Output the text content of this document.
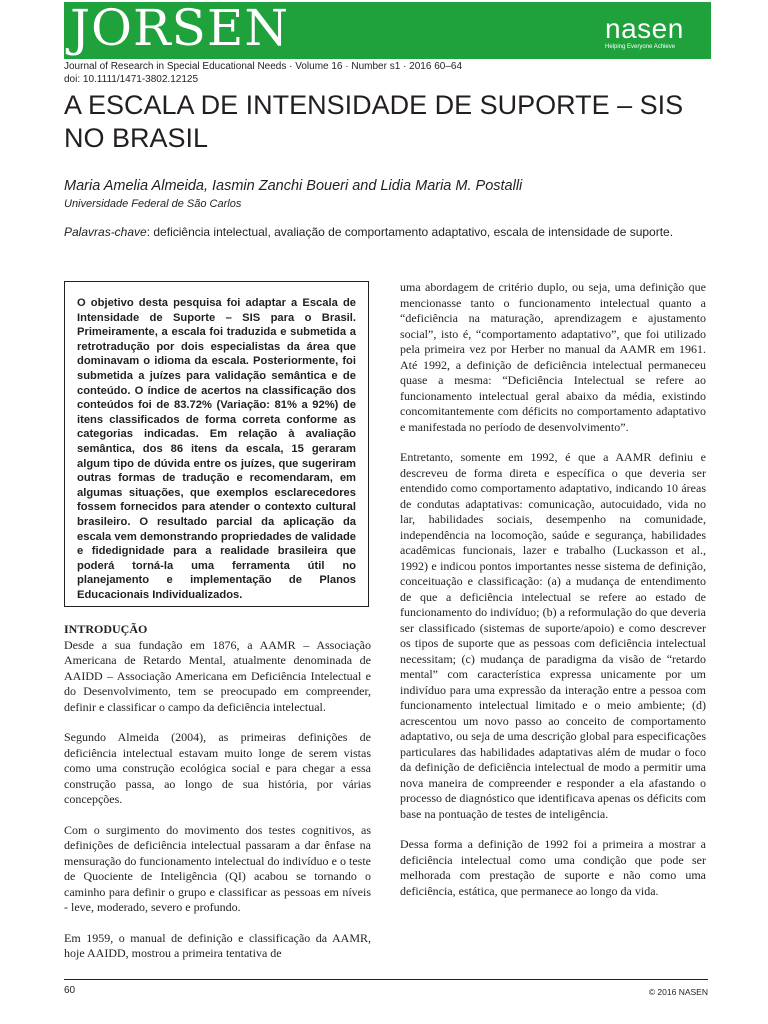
JORSEN	nasen
Helping Everyone Achieve
Journal of Research in Special Educational Needs · Volume 16 · Number s1 · 2016 60–64
doi: 10.1111/1471-3802.12125
A ESCALA DE INTENSIDADE DE SUPORTE – SIS NO BRASIL
Maria Amelia Almeida, Iasmin Zanchi Boueri and Lidia Maria M. Postalli
Universidade Federal de São Carlos
Palavras-chave: deficiência intelectual, avaliação de comportamento adaptativo, escala de intensidade de suporte.
O objetivo desta pesquisa foi adaptar a Escala de Intensidade de Suporte – SIS para o Brasil. Primeiramente, a escala foi traduzida e submetida a retrotradução por dois especialistas da área que dominavam o idioma da escala. Posteriormente, foi submetida a juízes para validação semântica e de conteúdo. O índice de acertos na classificação dos conteúdos foi de 83.72% (Variação: 81% a 92%) de itens classificados de forma correta conforme as categorias indicadas. Em relação à avaliação semântica, dos 86 itens da escala, 15 geraram algum tipo de dúvida entre os juízes, que sugeriram outras formas de tradução e recomendaram, em algumas situações, que exemplos esclarecedores fossem fornecidos para atender o contexto cultural brasileiro. O resultado parcial da aplicação da escala vem demonstrando propriedades de validade e fidedignidade para a realidade brasileira que poderá torná-la uma ferramenta útil no planejamento e implementação de Planos Educacionais Individualizados.
INTRODUÇÃO

Desde a sua fundação em 1876, a AAMR – Associação Americana de Retardo Mental, atualmente denominada de AAIDD – Associação Americana em Deficiência Intelectual e do Desenvolvimento, tem se preocupado em compreender, definir e classificar o campo da deficiência intelectual.

Segundo Almeida (2004), as primeiras definições de deficiência intelectual estavam muito longe de serem vistas como uma construção ecológica social e para chegar a essa construção passa, ao longo de sua história, por várias concepções.

Com o surgimento do movimento dos testes cognitivos, as definições de deficiência intelectual passaram a dar ênfase na mensuração do funcionamento intelectual do indivíduo e o teste de Quociente de Inteligência (QI) acabou se tornando o caminho para definir o grupo e classificar as pessoas em níveis - leve, moderado, severo e profundo.

Em 1959, o manual de definição e classificação da AAMR, hoje AAIDD, mostrou a primeira tentativa de

uma abordagem de critério duplo, ou seja, uma definição que mencionasse tanto o funcionamento intelectual quanto a “deficiência na maturação, aprendizagem e ajustamento social”, isto é, “comportamento adaptativo”, que foi utilizado pela primeira vez por Herber no manual da AAMR em 1961. Até 1992, a definição de deficiência intelectual permaneceu quase a mesma: “Deficiência Intelectual se refere ao funcionamento intelectual geral abaixo da média, existindo concomitantemente com déficits no comportamento adaptativo e manifestada no período de desenvolvimento”.

Entretanto, somente em 1992, é que a AAMR definiu e descreveu de forma direta e específica o que deveria ser entendido como comportamento adaptativo, indicando 10 áreas de condutas adaptativas: comunicação, autocuidado, vida no lar, habilidades sociais, desempenho na comunidade, independência na locomoção, saúde e segurança, habilidades acadêmicas funcionais, lazer e trabalho (Luckasson et al., 1992) e indicou pontos importantes nesse sistema de definição, conceituação e classificação: (a) a mudança de entendimento de que a deficiência intelectual se refere ao estado de funcionamento do indivíduo; (b) a reformulação do que deveria ser classificado (sistemas de suporte/apoio) e como descrever os tipos de suporte que as pessoas com deficiência intelectual necessitam; (c) mudança de paradigma da visão de “retardo mental” com característica expressa unicamente por um indivíduo para uma expressão da interação entre a pessoa com funcionamento intelectual limitado e o meio ambiente; (d) acrescentou um novo passo ao conceito de comportamento adaptativo, ou seja de uma descrição global para especificações particulares das habilidades adaptativas além de mudar o foco da definição de deficiência intelectual de modo a permitir uma nova maneira de compreender e responder a ela afastando o processo de diagnóstico que identificava apenas os déficits com base na pontuação de testes de inteligência.

Dessa forma a definição de 1992 foi a primeira a mostrar a deficiência intelectual como uma condição que pode ser melhorada com prestação de suporte e não como uma deficiência, estática, que permanece ao longo da vida.

60	© 2016 NASEN
